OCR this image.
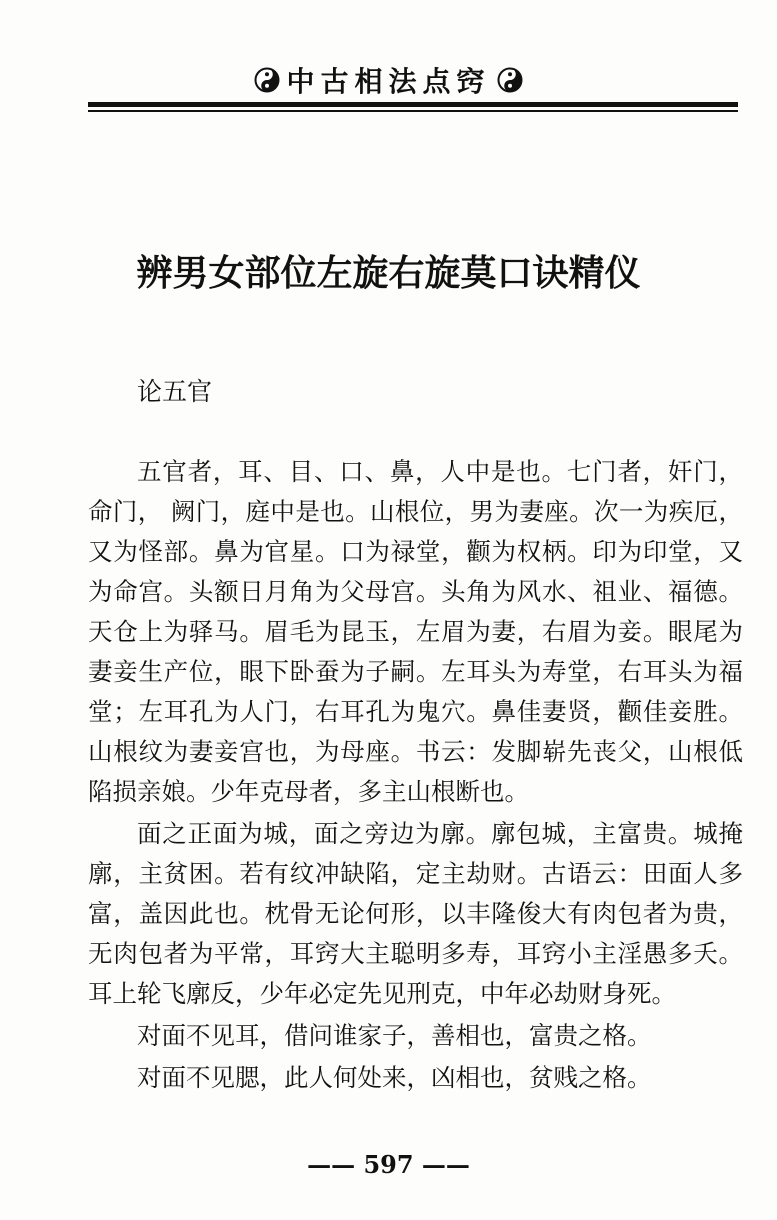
中古相法点窍
辨男女部位左旋右旋莫口诀精仪
论五官

五官者，耳、目、口、鼻，人中是也。七门者，奸门，命门， 阙门，庭中是也。山根位，男为妻座。次一为疾厄，又为怪部。鼻为官星。口为禄堂，颧为权柄。印为印堂，又为命宫。头额日月角为父母宫。头角为风水、祖业、福德。天仓上为驿马。眉毛为昆玉，左眉为妻，右眉为妾。眼尾为妻妾生产位，眼下卧蚕为子嗣。左耳头为寿堂，右耳头为福堂；左耳孔为人门，右耳孔为鬼穴。鼻佳妻贤，颧佳妾胜。山根纹为妻妾宫也，为母座。书云：发脚崭先丧父，山根低陷损亲娘。少年克母者，多主山根断也。

面之正面为城，面之旁边为廓。廓包城，主富贵。城掩廓，主贫困。若有纹冲缺陷，定主劫财。古语云：田面人多富，盖因此也。枕骨无论何形，以丰隆俊大有肉包者为贵，无肉包者为平常，耳窍大主聪明多寿，耳窍小主淫愚多夭。耳上轮飞廓反，少年必定先见刑克，中年必劫财身死。

对面不见耳，借问谁家子，善相也，富贵之格。

对面不见腮，此人何处来，凶相也，贫贱之格。

—— 597 ——
